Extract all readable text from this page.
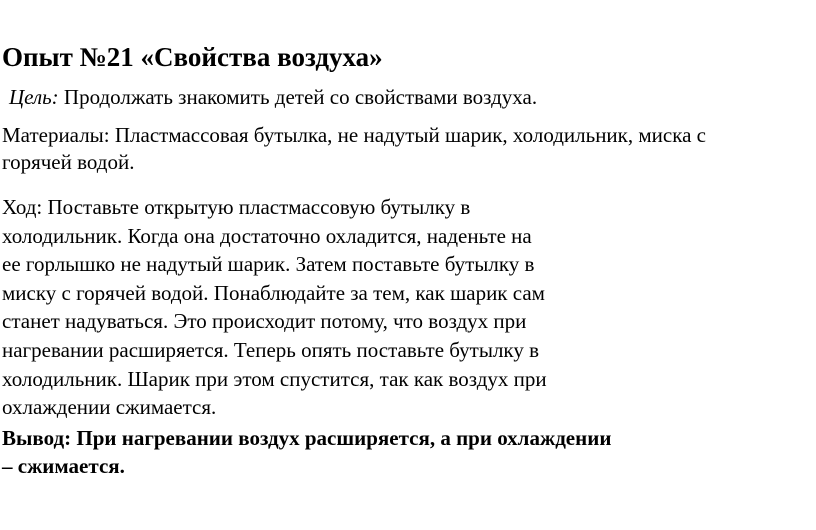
Опыт №21 «Свойства воздуха»
Цель: Продолжать знакомить детей со свойствами воздуха.
Материалы: Пластмассовая бутылка, не надутый шарик, холодильник, миска с
горячей водой.
Ход: Поставьте открытую пластмассовую бутылку в
холодильник. Когда она достаточно охладится, наденьте на
ее горлышко не надутый шарик. Затем поставьте бутылку в
миску с горячей водой. Понаблюдайте за тем, как шарик сам
станет надуваться. Это происходит потому, что воздух при
нагревании расширяется. Теперь опять поставьте бутылку в
холодильник. Шарик при этом спустится, так как воздух при
охлаждении сжимается.
Вывод: При нагревании воздух расширяется, а при охлаждении
– сжимается.
